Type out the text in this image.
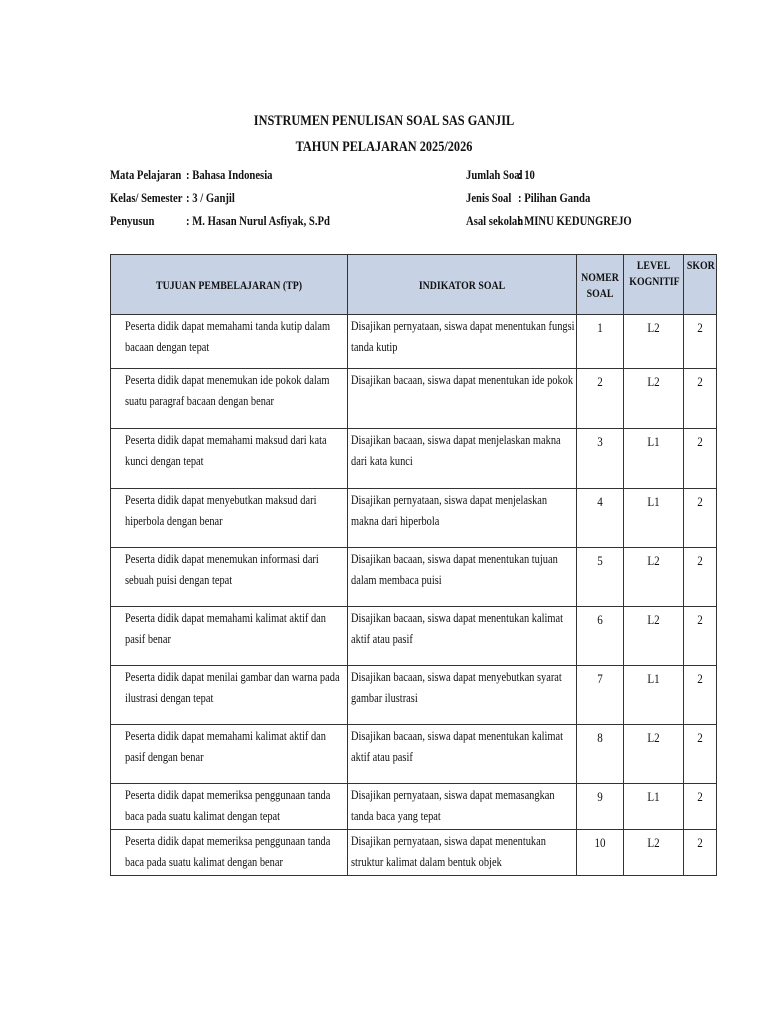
INSTRUMEN PENULISAN SOAL SAS GANJIL
TAHUN PELAJARAN 2025/2026
Mata Pelajaran : Bahasa Indonesia
Kelas/ Semester : 3 / Ganjil
Penyusun : M. Hasan Nurul Asfiyak, S.Pd
Jumlah Soal
: 10
Jenis Soal : Pilihan Ganda
Asal sekolah
: MINU KEDUNGREJO
TUJUAN PEMBELAJARAN (TP)	INDIKATOR SOAL	NOMER SOAL	LEVEL KOGNITIF	SKOR

Peserta didik dapat memahami tanda kutip dalam bacaan dengan tepat	Disajikan pernyataan, siswa dapat menentukan fungsi tanda kutip	1	L2	2

Peserta didik dapat menemukan ide pokok dalam suatu paragraf bacaan dengan benar	Disajikan bacaan, siswa dapat menentukan ide pokok	2	L2	2

Peserta didik dapat memahami maksud dari kata kunci dengan tepat	Disajikan bacaan, siswa dapat menjelaskan makna dari kata kunci	3	L1	2

Peserta didik dapat menyebutkan maksud dari hiperbola dengan benar	Disajikan pernyataan, siswa dapat menjelaskan makna dari hiperbola	4	L1	2

Peserta didik dapat menemukan informasi dari sebuah puisi dengan tepat	Disajikan bacaan, siswa dapat menentukan tujuan dalam membaca puisi	5	L2	2

Peserta didik dapat memahami kalimat aktif dan pasif benar	Disajikan bacaan, siswa dapat menentukan kalimat aktif atau pasif	6	L2	2

Peserta didik dapat menilai gambar dan warna pada ilustrasi dengan tepat	Disajikan bacaan, siswa dapat menyebutkan syarat gambar ilustrasi	7	L1	2

Peserta didik dapat memahami kalimat aktif dan pasif dengan benar	Disajikan bacaan, siswa dapat menentukan kalimat aktif atau pasif	8	L2	2

Peserta didik dapat memeriksa penggunaan tanda baca pada suatu kalimat dengan tepat	Disajikan pernyataan, siswa dapat memasangkan tanda baca yang tepat	9	L1	2

Peserta didik dapat memeriksa penggunaan tanda baca pada suatu kalimat dengan benar	Disajikan pernyataan, siswa dapat menentukan struktur kalimat dalam bentuk objek	10	L2	2
